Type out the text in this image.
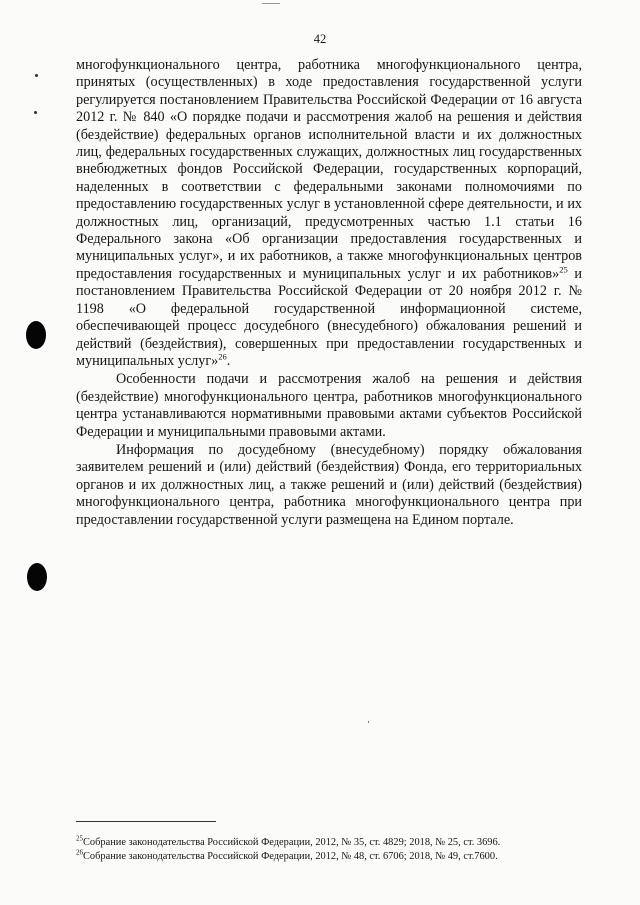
42

многофункционального центра, работника многофункционального центра, принятых (осуществленных) в ходе предоставления государственной услуги регулируется постановлением Правительства Российской Федерации от 16 августа 2012 г. № 840 «О порядке подачи и рассмотрения жалоб на решения и действия (бездействие) федеральных органов исполнительной власти и их должностных лиц, федеральных государственных служащих, должностных лиц государственных внебюджетных фондов Российской Федерации, государственных корпораций, наделенных в соответствии с федеральными законами полномочиями по предоставлению государственных услуг в установленной сфере деятельности, и их должностных лиц, организаций, предусмотренных частью 1.1 статьи 16 Федерального закона «Об организации предоставления государственных и муниципальных услуг», и их работников, а также многофункциональных центров предоставления государственных и муниципальных услуг и их работников»$^{25}$ и постановлением Правительства Российской Федерации от 20 ноября 2012 г. № 1198 «О федеральной государственной информационной системе, обеспечивающей процесс досудебного (внесудебного) обжалования решений и действий (бездействия), совершенных при предоставлении государственных и муниципальных услуг»$^{26}$.

Особенности подачи и рассмотрения жалоб на решения и действия (бездействие) многофункционального центра, работников многофункционального центра устанавливаются нормативными правовыми актами субъектов Российской Федерации и муниципальными правовыми актами.

Информация по досудебному (внесудебному) порядку обжалования заявителем решений и (или) действий (бездействия) Фонда, его территориальных органов и их должностных лиц, а также решений и (или) действий (бездействия) многофункционального центра, работника многофункционального центра при предоставлении государственной услуги размещена на Едином портале.

$^{25}$Собрание законодательства Российской Федерации, 2012, № 35, ст. 4829; 2018, № 25, ст. 3696.
$^{26}$Собрание законодательства Российской Федерации, 2012, № 48, ст. 6706; 2018, № 49, ст.7600.
